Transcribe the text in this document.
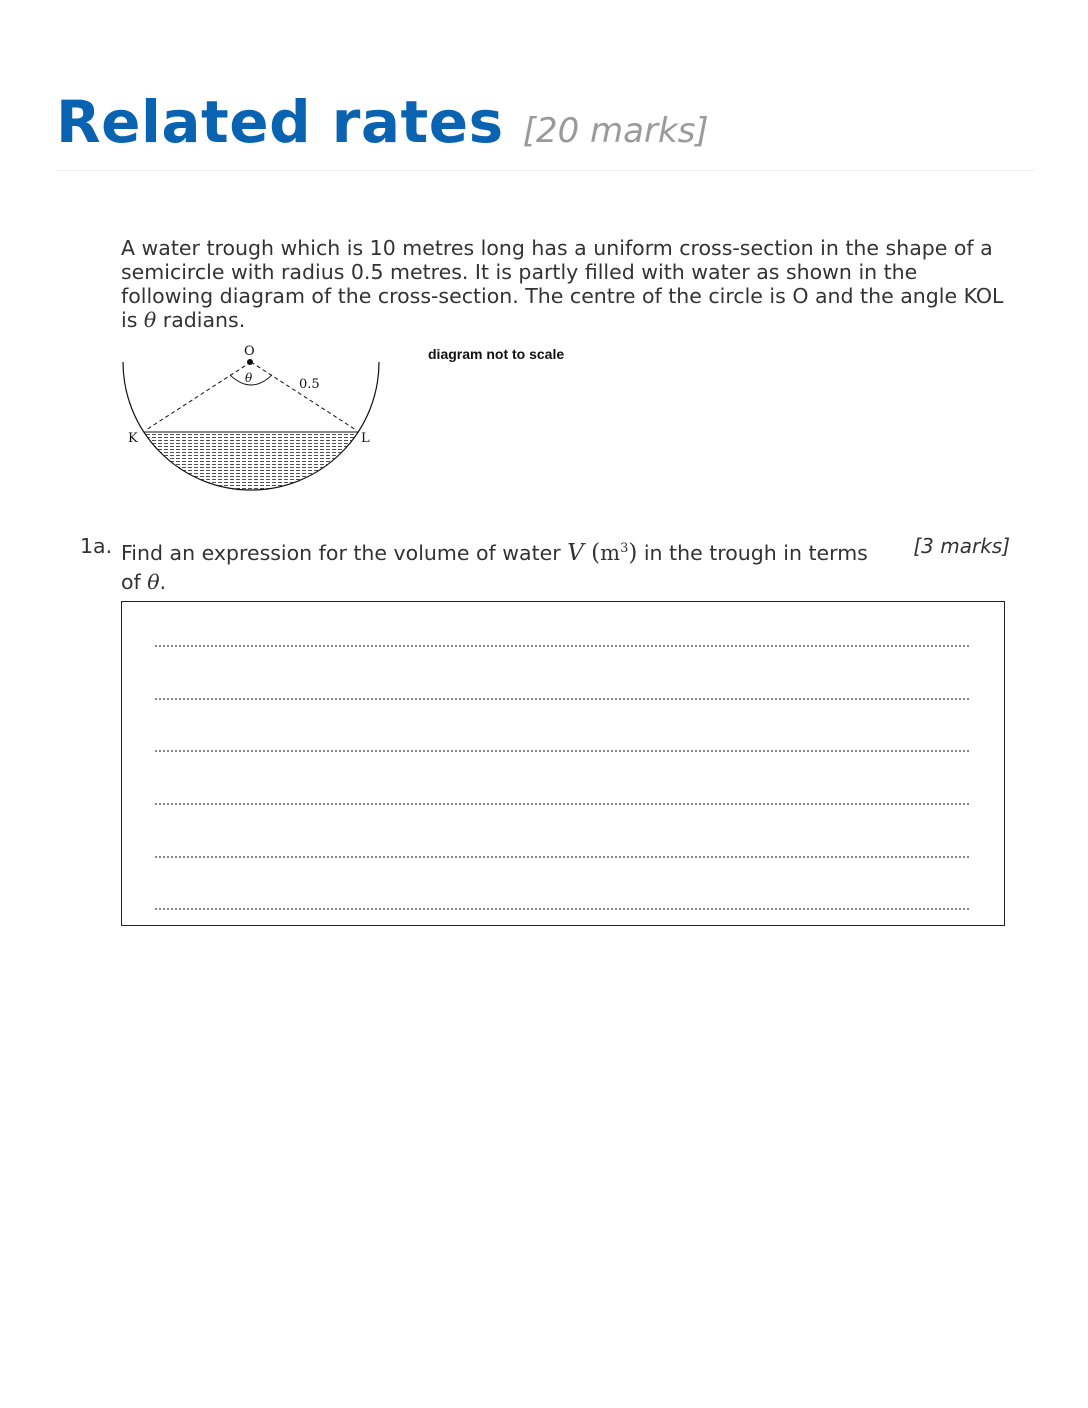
Related rates [20 marks]
A water trough which is 10 metres long has a uniform cross-section in the shape of a semicircle with radius 0.5 metres. It is partly filled with water as shown in the following diagram of the cross-section. The centre of the circle is O and the angle KOL is θ radians.
O
θ	0.5
K	L
diagram not to scale
1a. Find an expression for the volume of water V $(m^3)$ in the trough in terms of θ.
[3 marks]
